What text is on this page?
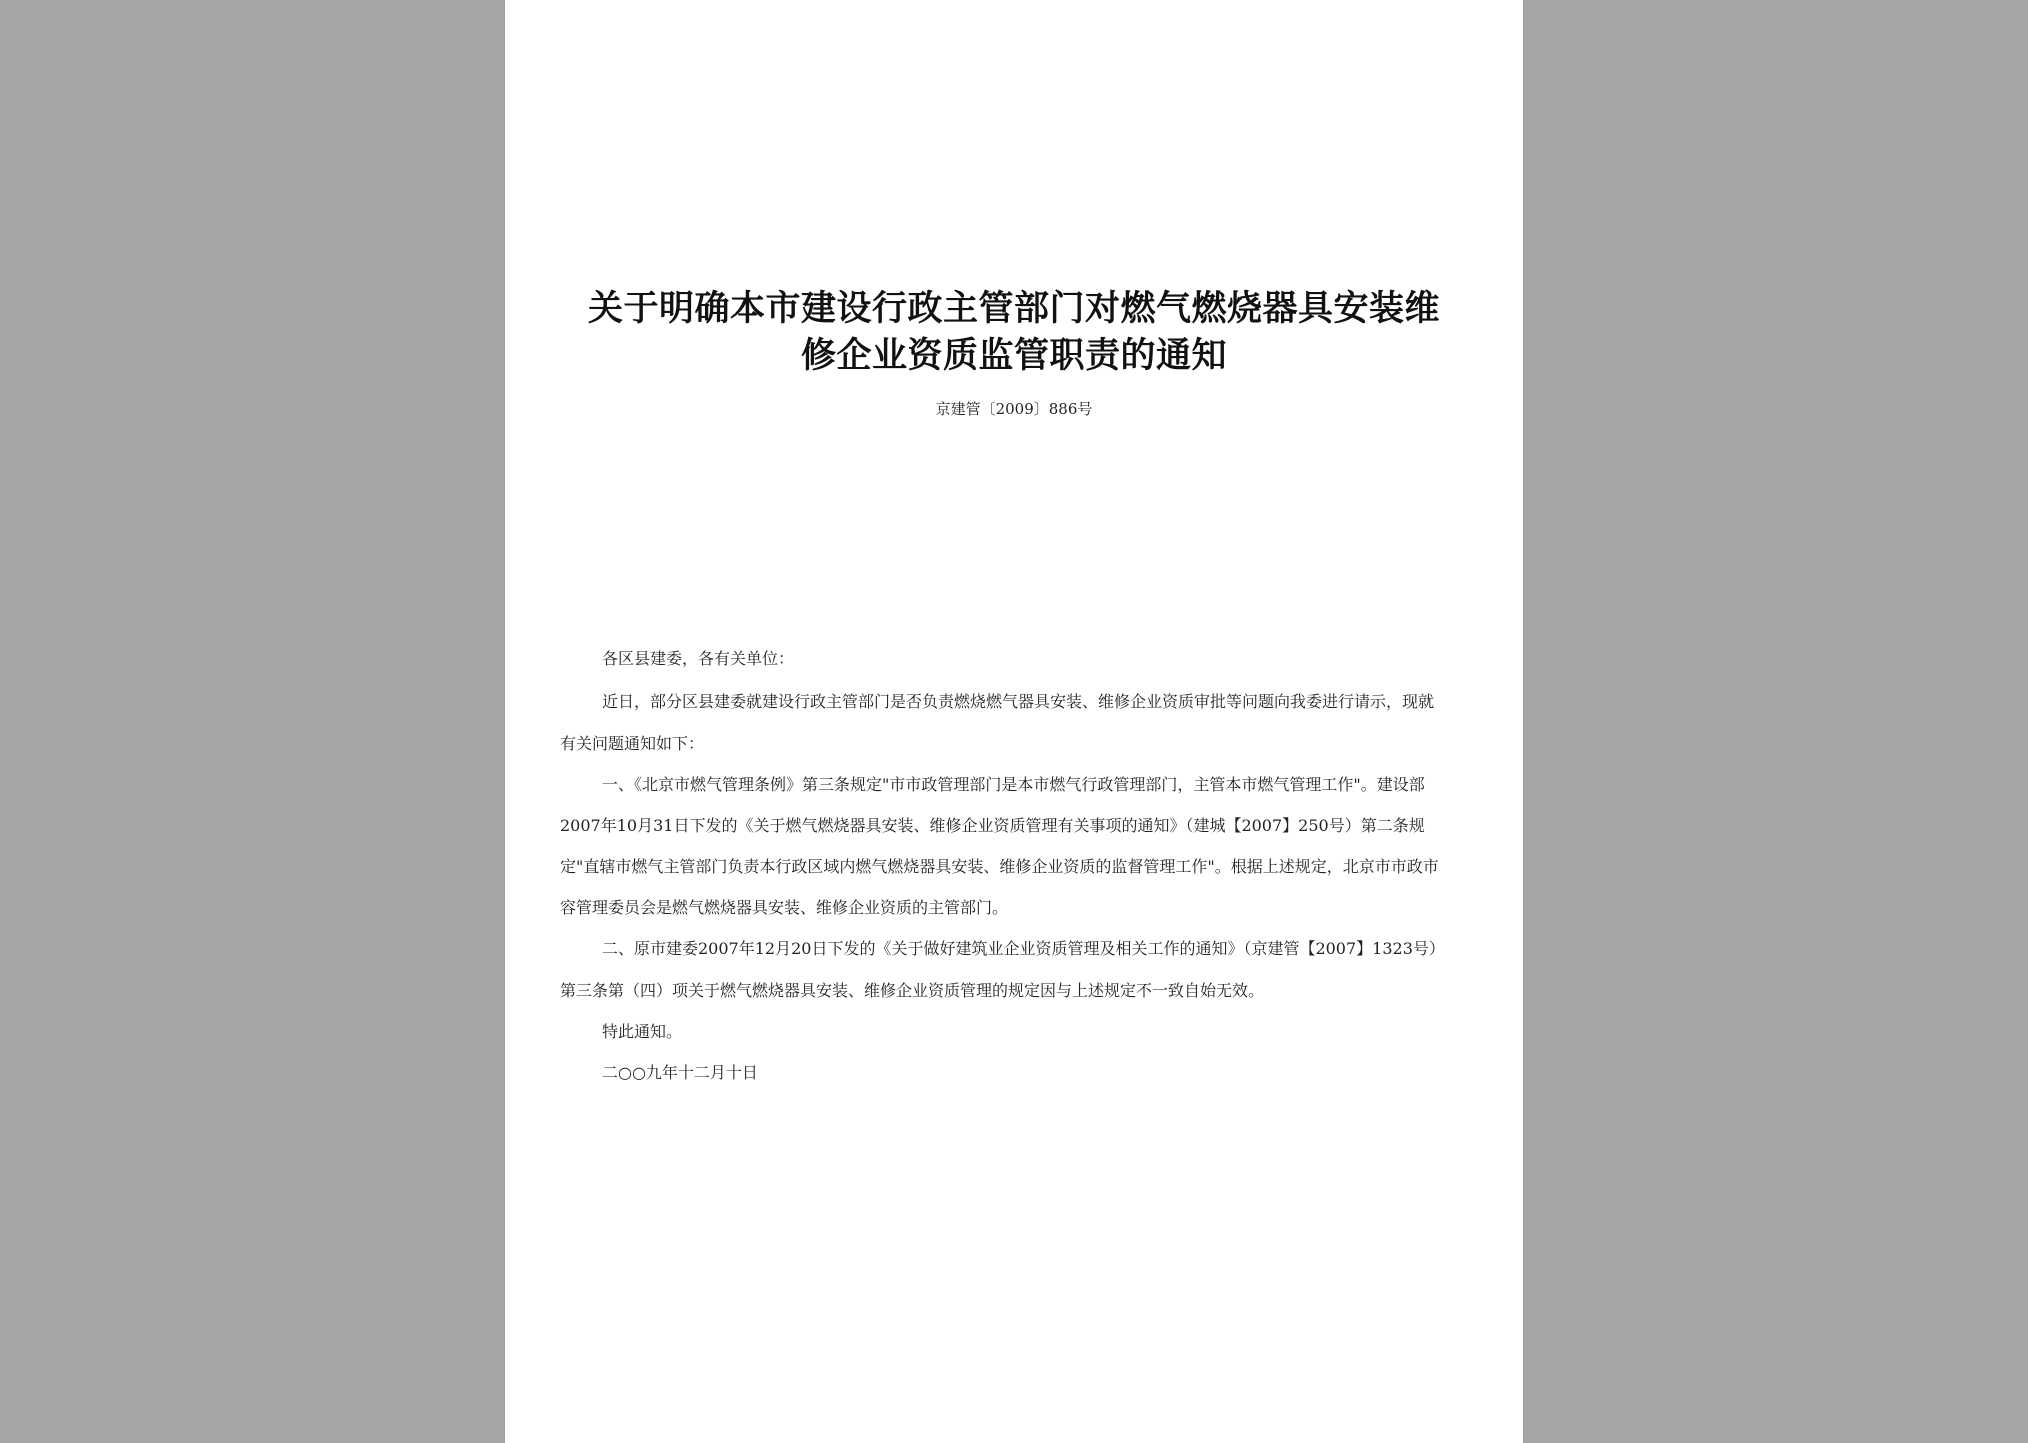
关于明确本市建设行政主管部门对燃气燃烧器具安装维
修企业资质监管职责的通知
京建管〔2009〕886号
各区县建委，各有关单位：
近日，部分区县建委就建设行政主管部门是否负责燃烧燃气器具安装、维修企业资质审批等问题向我委进行请示，现就
有关问题通知如下：
一、《北京市燃气管理条例》第三条规定"市市政管理部门是本市燃气行政管理部门，主管本市燃气管理工作"。建设部
2007年10月31日下发的《关于燃气燃烧器具安装、维修企业资质管理有关事项的通知》（建城【2007】250号）第二条规
定"直辖市燃气主管部门负责本行政区域内燃气燃烧器具安装、维修企业资质的监督管理工作"。根据上述规定，北京市市政市
容管理委员会是燃气燃烧器具安装、维修企业资质的主管部门。
二、原市建委2007年12月20日下发的《关于做好建筑业企业资质管理及相关工作的通知》（京建管【2007】1323号）
第三条第（四）项关于燃气燃烧器具安装、维修企业资质管理的规定因与上述规定不一致自始无效。
特此通知。
二○○九年十二月十日
